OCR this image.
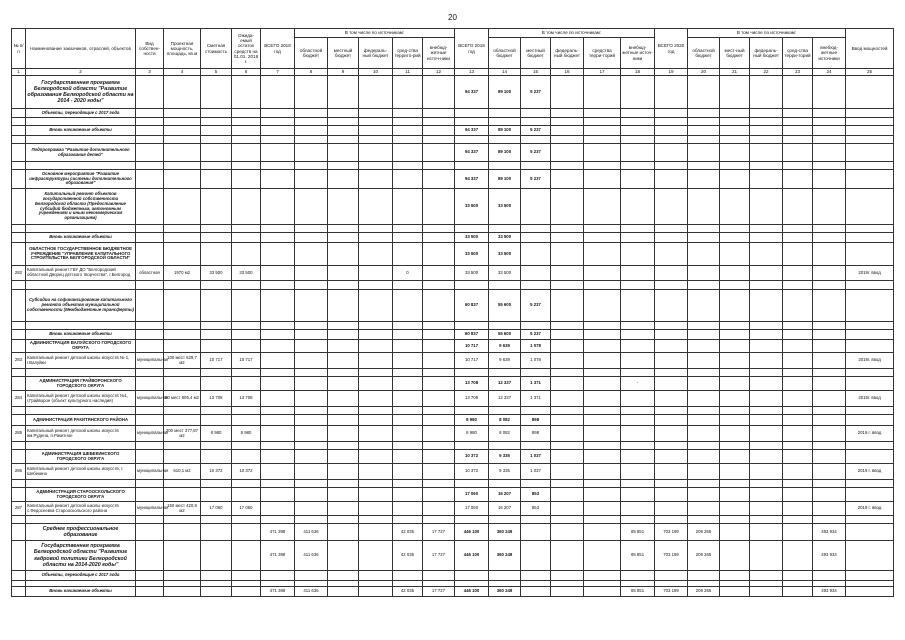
20
№ п/п	Наименование заказчиков, отраслей, объектов	Вид собствен-ности	Проектная мощность, площадь, кв.м	Сметная стоимость	Ожида-емый остаток средств на 01.01. 2018 г.	ВСЕГО 2018 год	В том числе по источникам:					ВСЕГО 2019 год	В том числе по источникам:					ВСЕГО 2020 год	В том числе по источникам:					Ввод мощностей
							областной бюджет	местный бюджет	федераль-ный бюджет	сред-ства террито-рий	внебюд-жетные источ-ники		областной бюджет	местный бюджет	федераль-ный бюджет	средства терри-торий	внебюд-жетные источ-ники		областной бюджет	мест-ный бюджет	федераль-ный бюджет	сред-ства терри-торий	внебюд-жетные источники	
1	2	3	4	5	6	7	8	9	10	11	12	13	14	15	16	17	18	19	20	21	22	23	24	25
	Государственная программа Белгородской области "Развитие образования Белгородской области на 2014 - 2020 годы"											94 337	89 100	5 237										
	Объекты, переходящие с 2017 года																							

	Вновь начинаемые объекты											94 337	89 100	5 237										

	Подпрограмма "Развитие дополнительного образования детей"											94 337	89 100	5 237										

	Основное мероприятие "Развитие инфраструктуры системы дополнительного образования"											94 337	89 100	5 237										
	Капитальный ремонт объектов государственной собственности Белгородской области (Предоставление субсидий бюджетным, автономным учреждениям и иным некоммерческим организациям)											33 500	33 500											

	Вновь начинаемые объекты											33 500	33 500											
	ОБЛАСТНОЕ ГОСУДАРСТВЕННОЕ БЮДЖЕТНОЕ УЧРЕЖДЕНИЕ "УПРАВЛЕНИЕ КАПИТАЛЬНОГО СТРОИТЕЛЬСТВА БЕЛГОРОДСКОЙ ОБЛАСТИ"											33 500	33 500											
282	Капитальный ремонт ГБУ ДО "Белгородский областной Дворец детского творчества", г.Белгород	областная	1970 м2	33 500	33 500					0		33 500	33 500											2019г. ввод

	Субсидии на софинансирование капитального ремонта объектов муниципальной собственности (Межбюджетные трансферты)											60 837	55 600	5 237										

	Вновь начинаемые объекты											60 837	55 600	5 237										
	АДМИНИСТРАЦИЯ ВАЛУЙСКОГО ГОРОДСКОГО ОКРУГА											10 717	9 639	1 078										
283	Капитальный ремонт детской школы искусств № 1, г.Валуйки	муниципальная	100 мест 629,7 м2	10 717	10 717							10 717	9 639	1 078										2019г. ввод

	АДМИНИСТРАЦИЯ ГРАЙВОРОНСКОГО ГОРОДСКОГО ОКРУГА											13 708	12 337	1 371			-							
284	Капитальный ремонт детской школы искусств №1, г.Грайворон (объект культурного наследия)	муниципальная	80 мест 805,4 м2	13 708	13 708							13 708	12 337	1 371										2019г. ввод

	АДМИНИСТРАЦИЯ РАКИТЯНСКОГО РАЙОНА											8 980	8 082	898										
285	Капитальный ремонт детской школы искусств им.Рудена, п.Ракитное	муниципальная	200 мест 377,87 м2	8 980	8 980							8 980	8 082	898										2019 г. ввод

	АДМИНИСТРАЦИЯ ШЕБЕКИНСКОГО ГОРОДСКОГО ОКРУГА											10 372	9 335	1 037										
286	Капитальный ремонт детской школы искусств, г. Шебекино	муниципальная	610,1 м2	10 372	10 372							10 372	9 335	1 037										2019 г. ввод

	АДМИНИСТРАЦИЯ СТАРООСКОЛЬСКОГО ГОРОДСКОГО ОКРУГА											17 060	16 207	853										
287	Капитальный ремонт детской школы искусств с.Федосеевка Старооскольского района	муниципальная	150 мест 420,8 м2	17 060	17 060							17 060	16 207	853										2019 г. ввод

	Среднее профессиональное образование					471 398	411 636			42 035	17 727	446 100	360 249				85 851	703 199	209 265				493 934	
	Государственная программа Белгородской области "Развитие кадровой политики Белгородской области на 2014-2020 годы"					471 398	411 636			42 035	17 727	446 100	360 249				85 851	703 199	209 265				493 934	
	Объекты, переходящие с 2017 года																							

	Вновь начинаемые объекты					471 398	411 636			42 035	17 727	446 100	360 249				85 851	703 199	209 265				493 934	
